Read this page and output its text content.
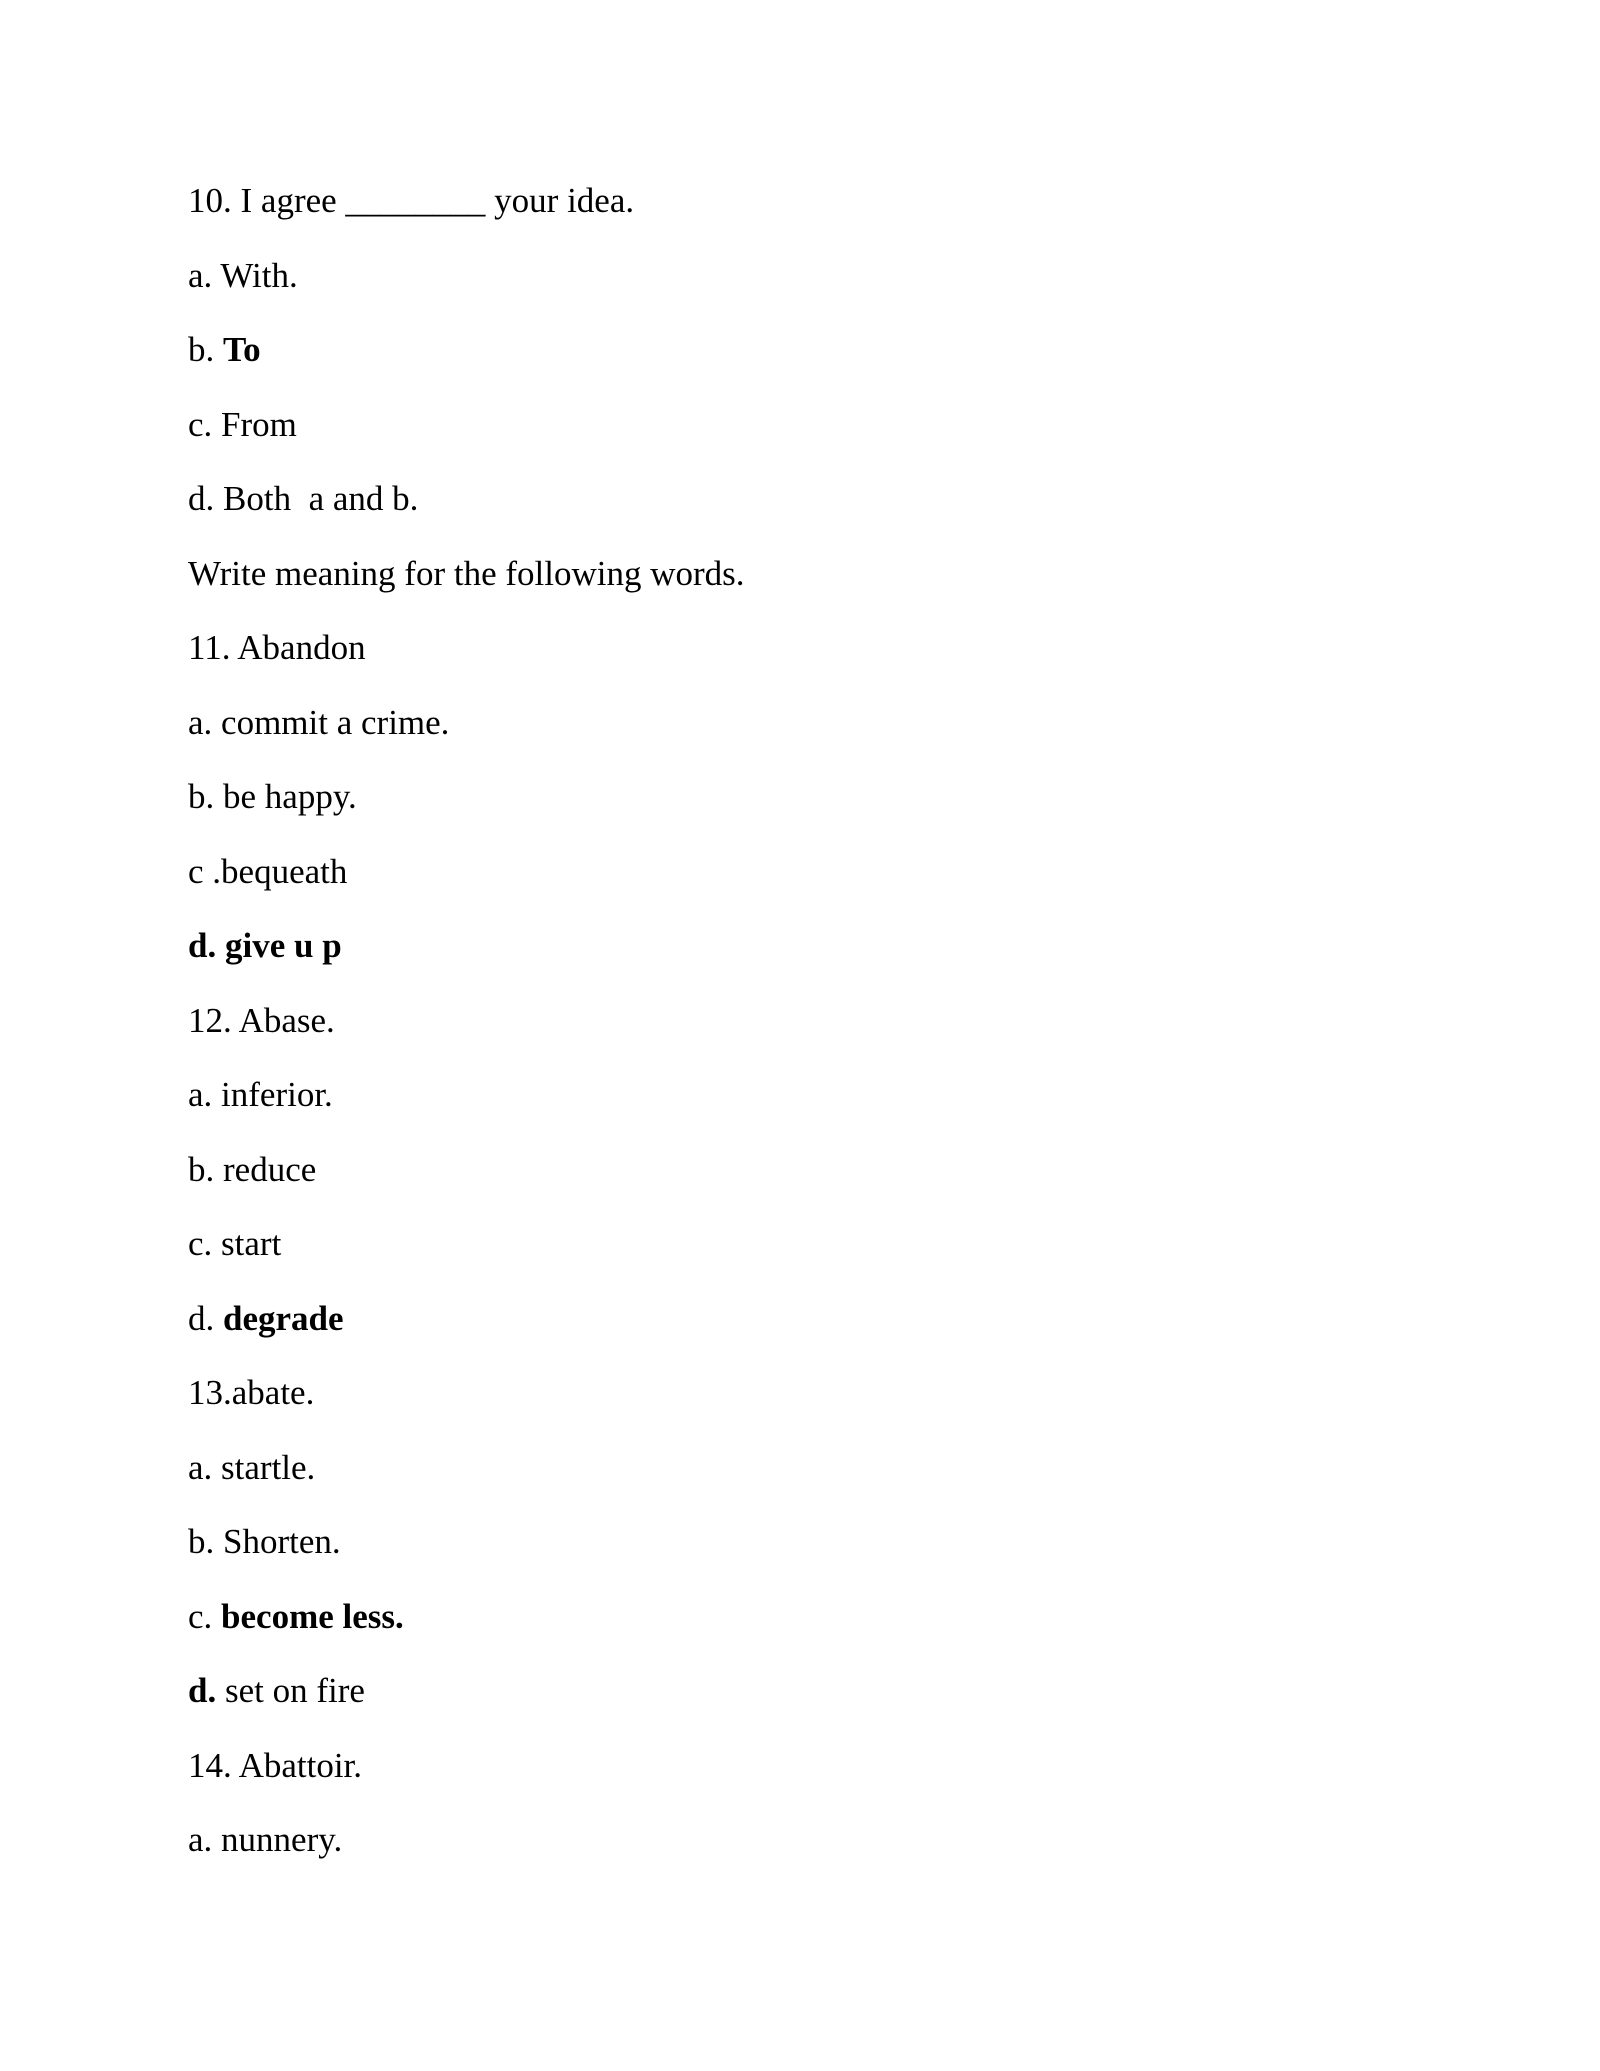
10. I agree ________ your idea.
a. With.
b. To
c. From
d. Both  a and b.
Write meaning for the following words.
11. Abandon
a. commit a crime.
b. be happy.
c .bequeath
d. give u p
12. Abase.
a. inferior.
b. reduce
c. start
d. degrade
13.abate.
a. startle.
b. Shorten.
c. become less.
d. set on fire
14. Abattoir.
a. nunnery.
